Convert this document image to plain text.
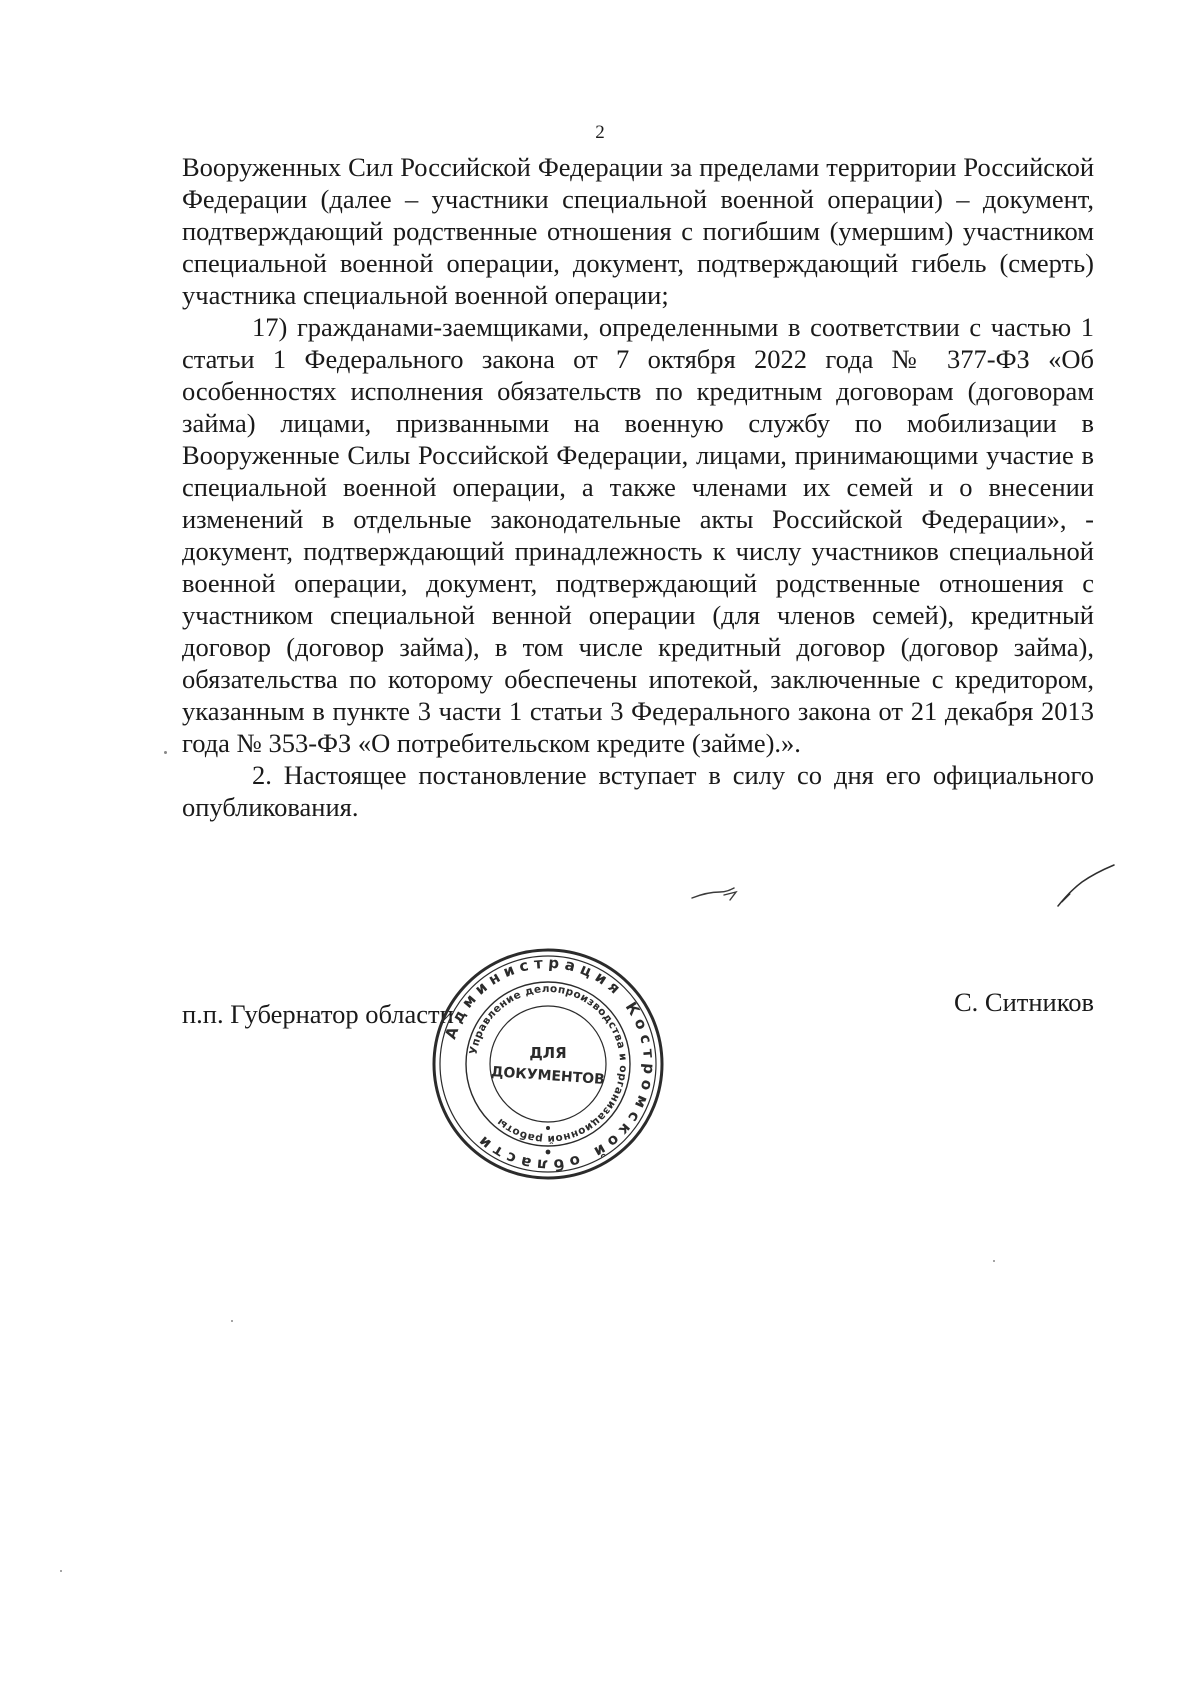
2

Вооруженных Сил Российской Федерации за пределами территории Российской Федерации (далее – участники специальной военной операции) – документ, подтверждающий родственные отношения с погибшим (умершим) участником специальной военной операции, документ, подтверждающий гибель (смерть) участника специальной военной операции;

17) гражданами-заемщиками, определенными в соответствии с частью 1 статьи 1 Федерального закона от 7 октября 2022 года № 377-ФЗ «Об особенностях исполнения обязательств по кредитным договорам (договорам займа) лицами, призванными на военную службу по мобилизации в Вооруженные Силы Российской Федерации, лицами, принимающими участие в специальной военной операции, а также членами их семей и о внесении изменений в отдельные законодательные акты Российской Федерации», - документ, подтверждающий принадлежность к числу участников специальной военной операции, документ, подтверждающий родственные отношения с участником специальной венной операции (для членов семей), кредитный договор (договор займа), в том числе кредитный договор (договор займа), обязательства по которому обеспечены ипотекой, заключенные с кредитором, указанным в пункте 3 части 1 статьи 3 Федерального закона от 21 декабря 2013 года № 353-ФЗ «О потребительском кредите (займе).».

2. Настоящее постановление вступает в силу со дня его официального опубликования.

п.п. Губернатор области	С. Ситников
Администрация Костромской области
Управление делопроизводства и организационной работы
ДЛЯ
ДОКУМЕНТОВ
